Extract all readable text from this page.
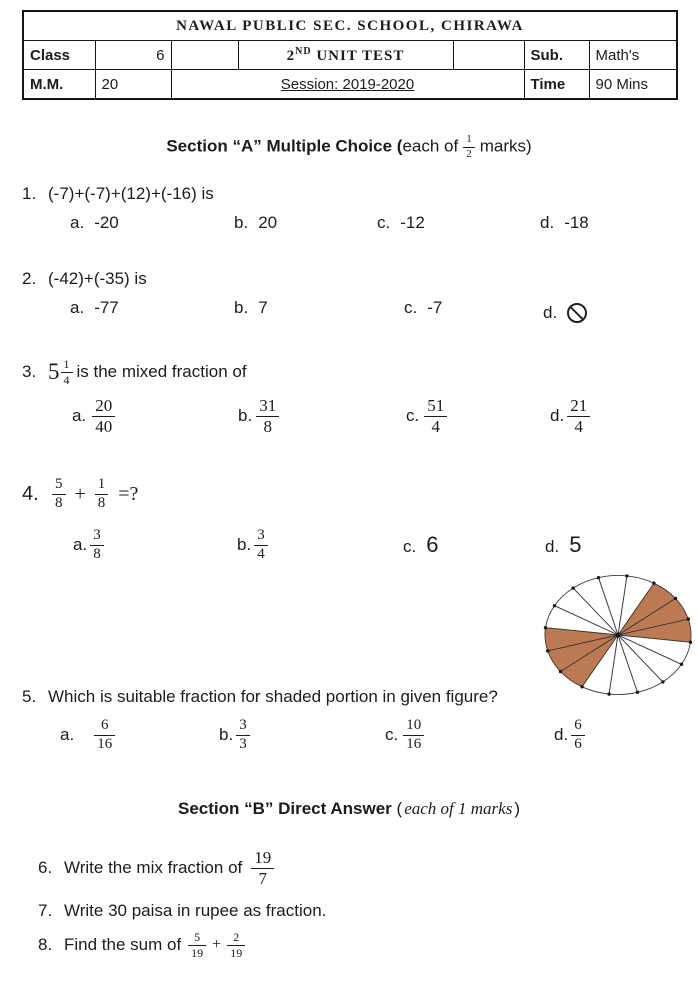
NAWAL PUBLIC SEC. SCHOOL, CHIRAWA						
Class	6		2ND UNIT TEST		Sub.	Math's
M.M.	20	Session: 2019-2020			Time	90 Mins
Section “A” Multiple Choice (each of $\frac{1}{2}$ marks)
1. (-7)+(-7)+(12)+(-16) is
a. -20	b. 20	c. -12	d. -18
2. (-42)+(-35) is
a. -77	b. 7	c. -7	d.
3. $5 \frac{1}{4}$ is the mixed fraction of
a. $\frac{20}{40}$	b. $\frac{31}{8}$	c. $\frac{51}{4}$	d. $\frac{21}{4}$
4. $\frac{5}{8} + \frac{1}{8}$ =?
a. $\frac{3}{8}$	b. $\frac{3}{4}$	c. 6	d. 5
5. Which is suitable fraction for shaded portion in given figure?
a. $\frac{6}{16}$	b. $\frac{3}{3}$	c. $\frac{10}{16}$	d. $\frac{6}{6}$
Section “B” Direct Answer ( each of 1 marks )
6. Write the mix fraction of $\frac{19}{7}$
7. Write 30 paisa in rupee as fraction.
8. Find the sum of $\frac{5}{19} + \frac{2}{19}$
